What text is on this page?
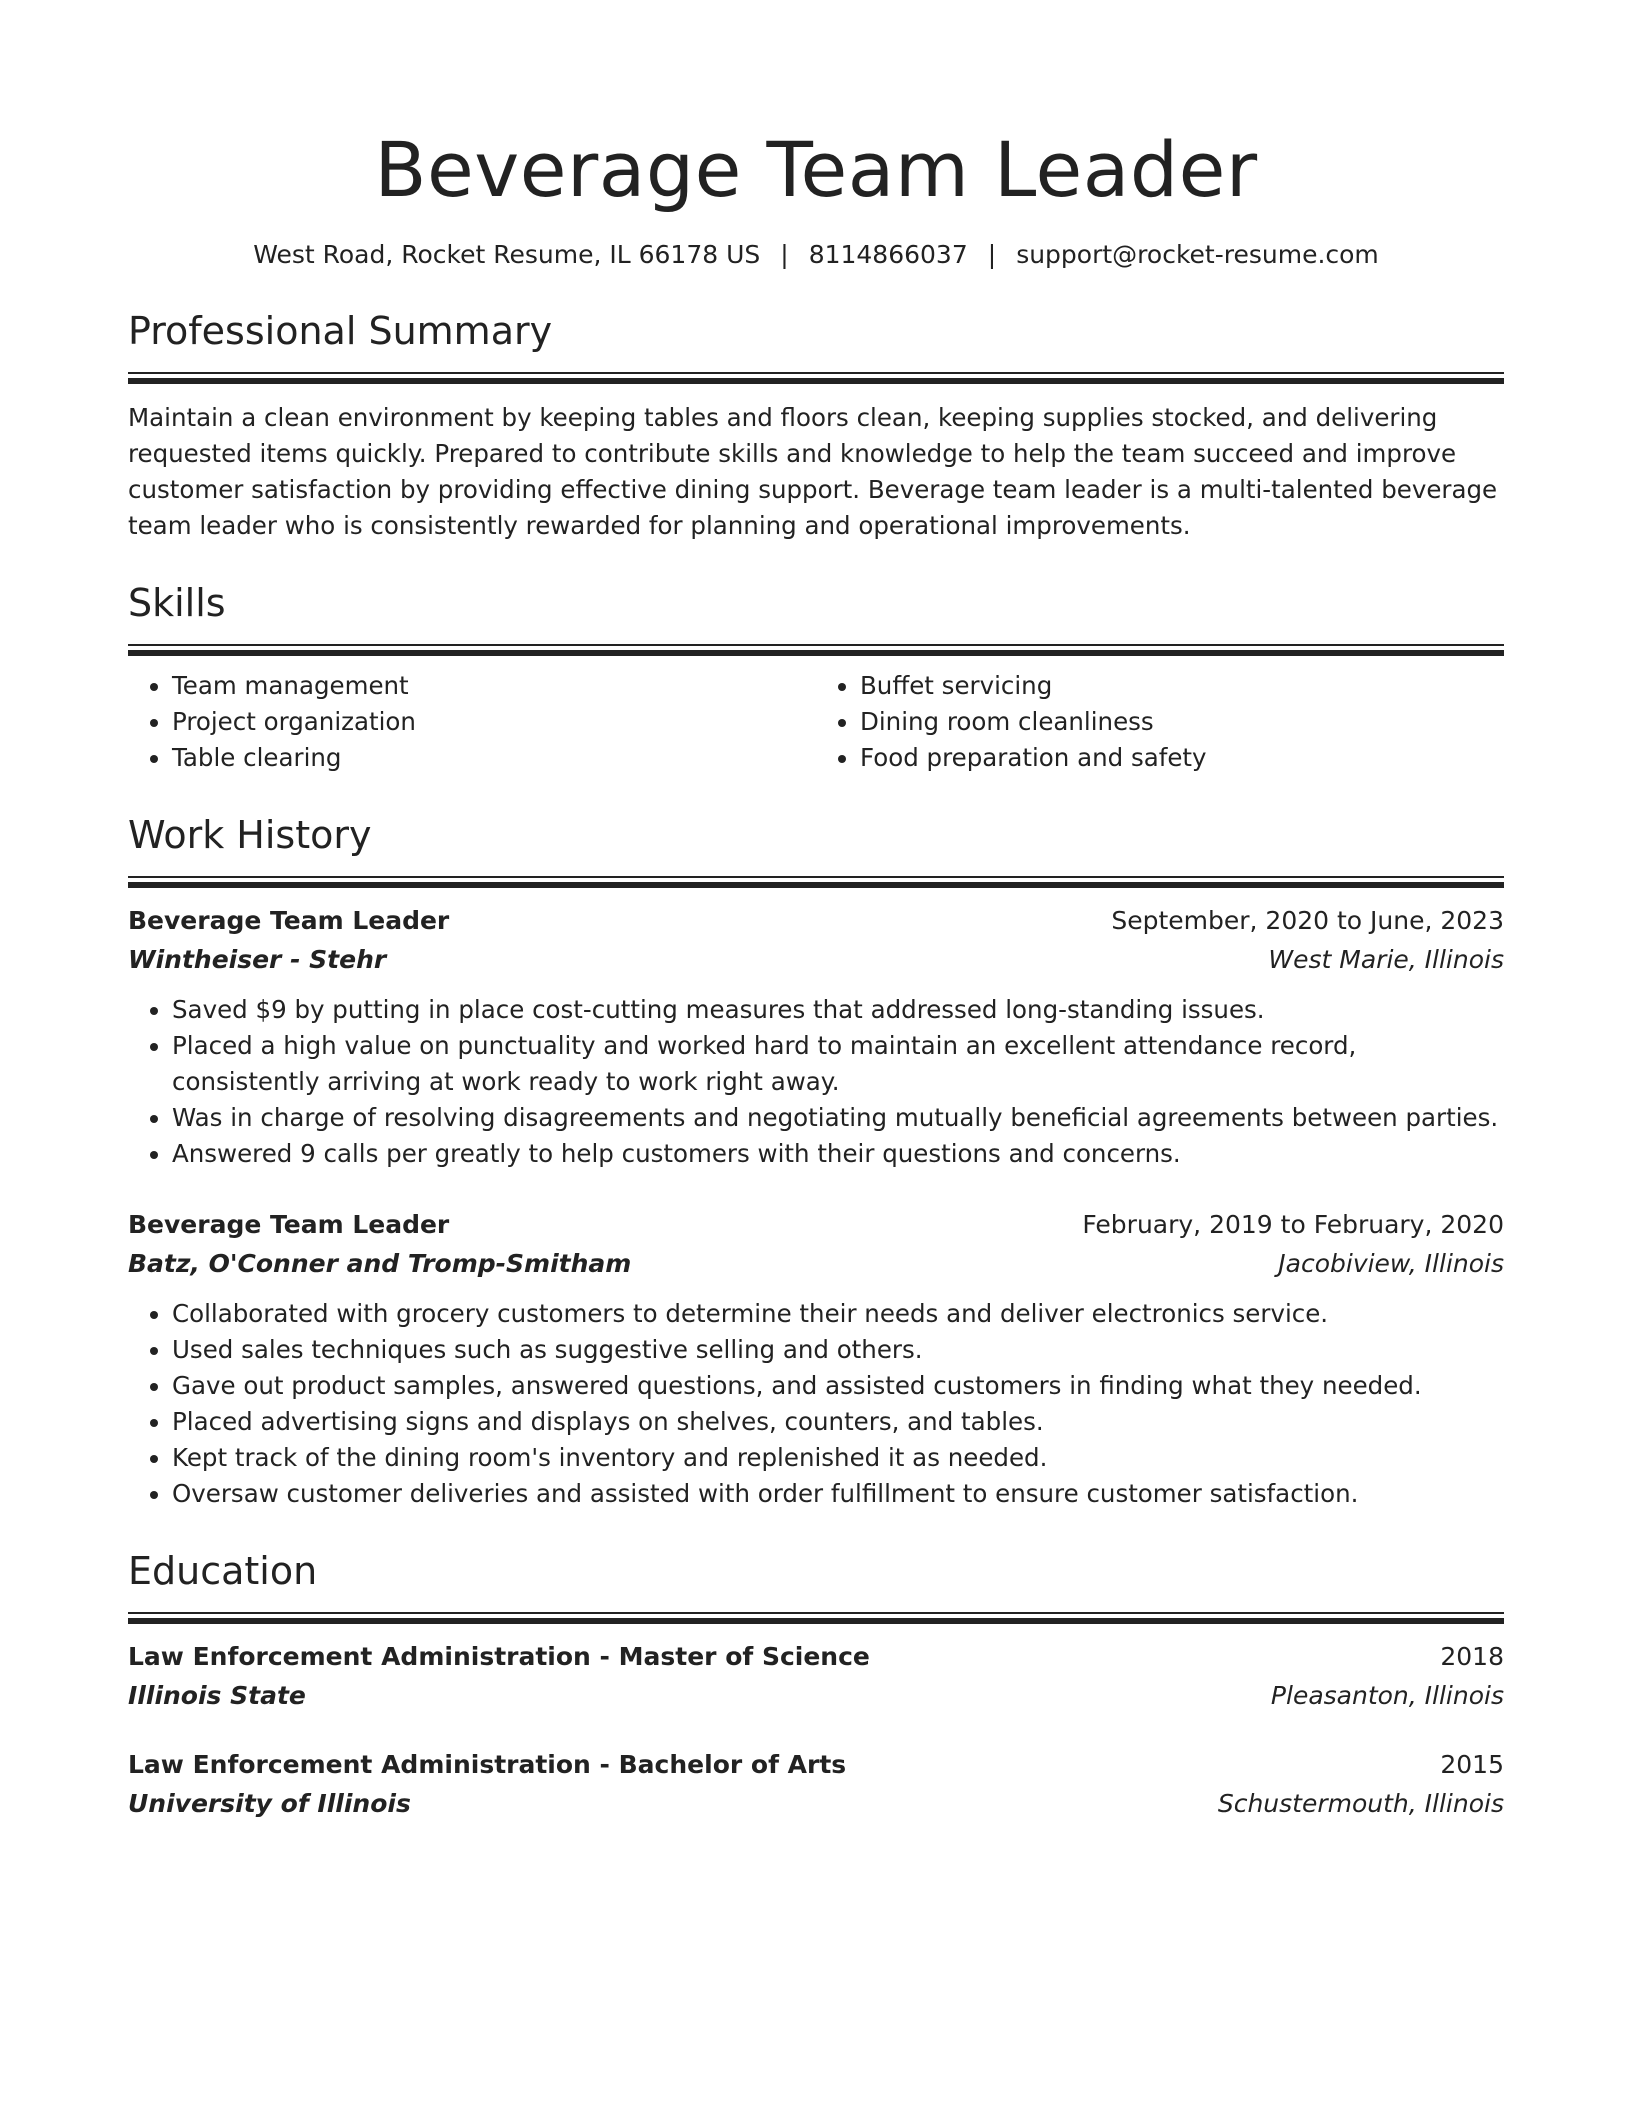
Beverage Team Leader
West Road, Rocket Resume, IL 66178 US | 8114866037 | support@rocket-resume.com
Professional Summary
Maintain a clean environment by keeping tables and floors clean, keeping supplies stocked, and delivering requested items quickly. Prepared to contribute skills and knowledge to help the team succeed and improve customer satisfaction by providing effective dining support. Beverage team leader is a multi-talented beverage team leader who is consistently rewarded for planning and operational improvements.
Skills
• Team management
• Project organization
• Table clearing
• Buffet servicing
• Dining room cleanliness
• Food preparation and safety
Work History
Beverage Team Leader	September, 2020 to June, 2023
Wintheiser - Stehr	West Marie, Illinois
• Saved $9 by putting in place cost-cutting measures that addressed long-standing issues.
• Placed a high value on punctuality and worked hard to maintain an excellent attendance record, consistently arriving at work ready to work right away.
• Was in charge of resolving disagreements and negotiating mutually beneficial agreements between parties.
• Answered 9 calls per greatly to help customers with their questions and concerns.
Beverage Team Leader	February, 2019 to February, 2020
Batz, O'Conner and Tromp-Smitham	Jacobiview, Illinois
• Collaborated with grocery customers to determine their needs and deliver electronics service.
• Used sales techniques such as suggestive selling and others.
• Gave out product samples, answered questions, and assisted customers in finding what they needed.
• Placed advertising signs and displays on shelves, counters, and tables.
• Kept track of the dining room's inventory and replenished it as needed.
• Oversaw customer deliveries and assisted with order fulfillment to ensure customer satisfaction.
Education
Law Enforcement Administration - Master of Science	2018
Illinois State	Pleasanton, Illinois
Law Enforcement Administration - Bachelor of Arts	2015
University of Illinois	Schustermouth, Illinois
